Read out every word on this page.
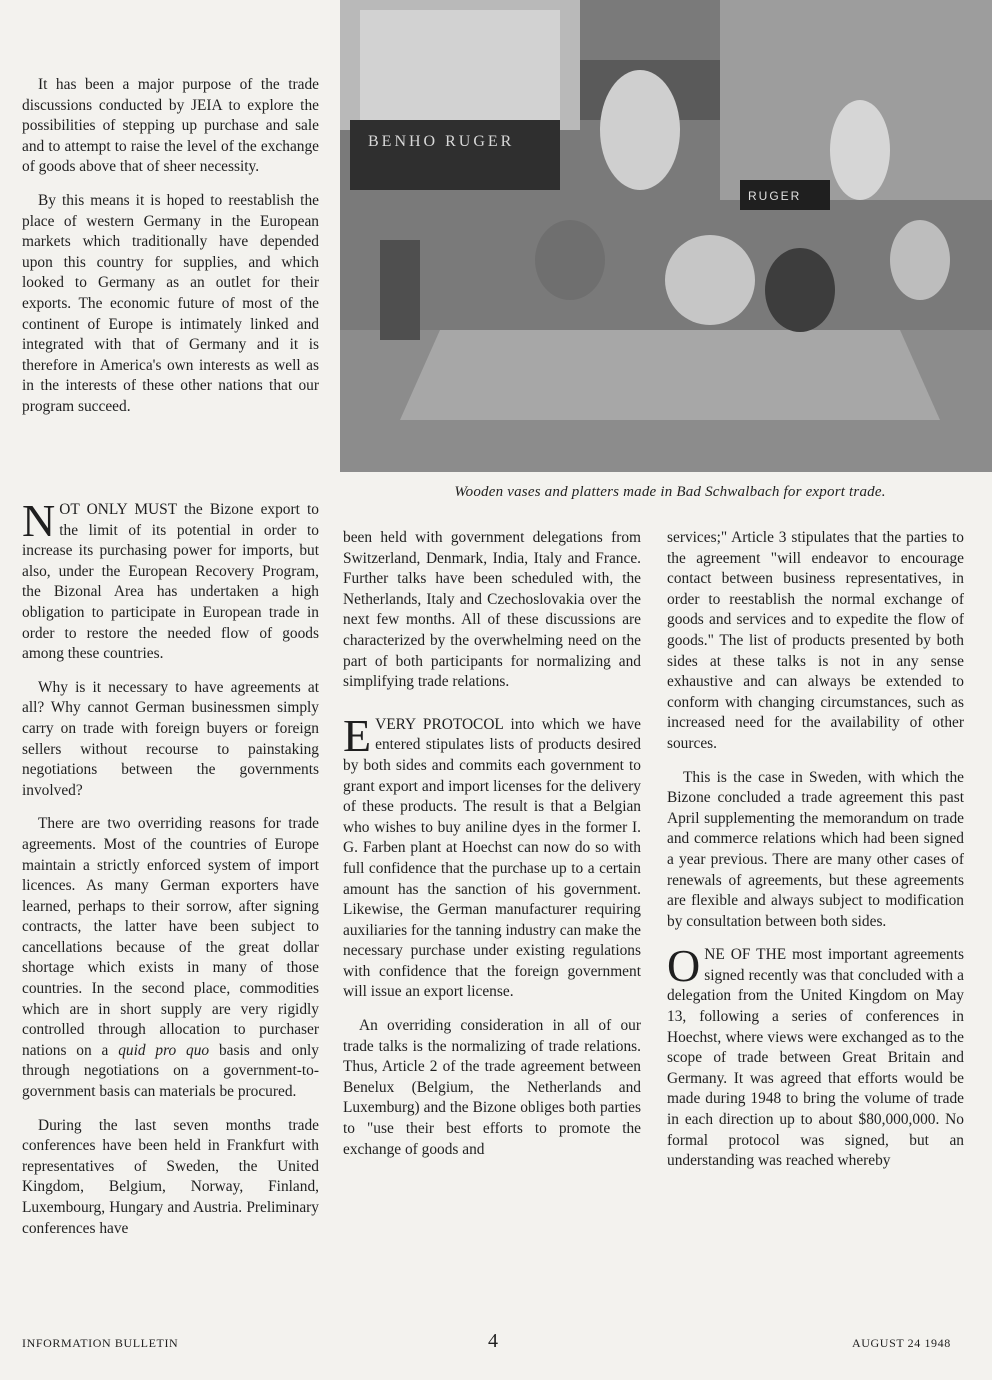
BENHO RUGER
RUGER
Wooden vases and platters made in Bad Schwalbach for export trade.

It has been a major purpose of the trade discussions conducted by JEIA to explore the possibilities of stepping up purchase and sale and to attempt to raise the level of the exchange of goods above that of sheer necessity.

By this means it is hoped to reestablish the place of western Germany in the European markets which traditionally have depended upon this country for supplies, and which looked to Germany as an outlet for their exports. The economic future of most of the continent of Europe is intimately linked and integrated with that of Germany and it is therefore in America's own interests as well as in the interests of these other nations that our program succeed.

NOT ONLY MUST the Bizone export to the limit of its potential in order to increase its purchasing power for imports, but also, under the European Recovery Program, the Bizonal Area has undertaken a high obligation to participate in European trade in order to restore the needed flow of goods among these countries.

Why is it necessary to have agreements at all? Why cannot German businessmen simply carry on trade with foreign buyers or foreign sellers without recourse to painstaking negotiations between the governments involved?

There are two overriding reasons for trade agreements. Most of the countries of Europe maintain a strictly enforced system of import licences. As many German exporters have learned, perhaps to their sorrow, after signing contracts, the latter have been subject to cancellations because of the great dollar shortage which exists in many of those countries. In the second place, commodities which are in short supply are very rigidly controlled through allocation to purchaser nations on a quid pro quo basis and only through negotiations on a government-to-government basis can materials be procured.

During the last seven months trade conferences have been held in Frankfurt with representatives of Sweden, the United Kingdom, Belgium, Norway, Finland, Luxembourg, Hungary and Austria. Preliminary conferences have

been held with government delegations from Switzerland, Denmark, India, Italy and France. Further talks have been scheduled with, the Netherlands, Italy and Czechoslovakia over the next few months. All of these discussions are characterized by the overwhelming need on the part of both participants for normalizing and simplifying trade relations.

EVERY PROTOCOL into which we have entered stipulates lists of products desired by both sides and commits each government to grant export and import licenses for the delivery of these products. The result is that a Belgian who wishes to buy aniline dyes in the former I. G. Farben plant at Hoechst can now do so with full confidence that the purchase up to a certain amount has the sanction of his government. Likewise, the German manufacturer requiring auxiliaries for the tanning industry can make the necessary purchase under existing regulations with confidence that the foreign government will issue an export license.

An overriding consideration in all of our trade talks is the normalizing of trade relations. Thus, Article 2 of the trade agreement between Benelux (Belgium, the Netherlands and Luxemburg) and the Bizone obliges both parties to "use their best efforts to promote the exchange of goods and

services;" Article 3 stipulates that the parties to the agreement "will endeavor to encourage contact between business representatives, in order to reestablish the normal exchange of goods and services and to expedite the flow of goods." The list of products presented by both sides at these talks is not in any sense exhaustive and can always be extended to conform with changing circumstances, such as increased need for the availability of other sources.

This is the case in Sweden, with which the Bizone concluded a trade agreement this past April supplementing the memorandum on trade and commerce relations which had been signed a year previous. There are many other cases of renewals of agreements, but these agreements are flexible and always subject to modification by consultation between both sides.

ONE OF THE most important agreements signed recently was that concluded with a delegation from the United Kingdom on May 13, following a series of conferences in Hoechst, where views were exchanged as to the scope of trade between Great Britain and Germany. It was agreed that efforts would be made during 1948 to bring the volume of trade in each direction up to about $80,000,000. No formal protocol was signed, but an understanding was reached whereby

INFORMATION BULLETIN	4	AUGUST 24 1948
